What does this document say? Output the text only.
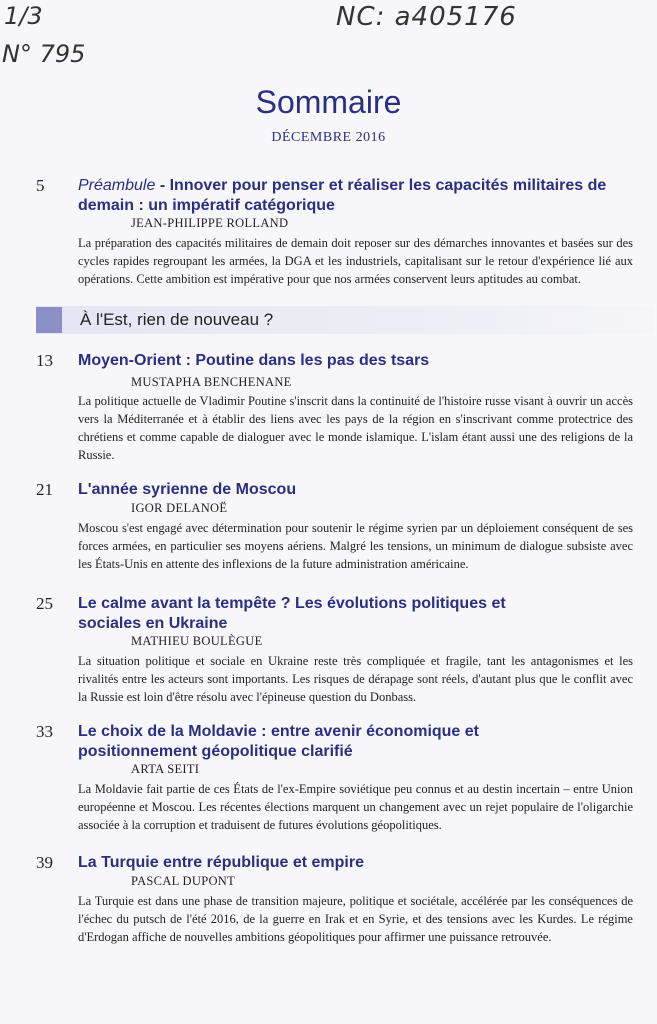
1/3
N° 795
NC: a405176
Sommaire
DÉCEMBRE 2016
5	Préambule - Innover pour penser et réaliser les capacités militaires de demain : un impératif catégorique
JEAN-PHILIPPE ROLLAND

La préparation des capacités militaires de demain doit reposer sur des démarches innovantes et basées sur des cycles rapides regroupant les armées, la DGA et les industriels, capitalisant sur le retour d'expérience lié aux opérations. Cette ambition est impérative pour que nos armées conservent leurs aptitudes au combat.

À l'Est, rien de nouveau ?
13	Moyen-Orient : Poutine dans les pas des tsars
MUSTAPHA BENCHENANE

La politique actuelle de Vladimir Poutine s'inscrit dans la continuité de l'histoire russe visant à ouvrir un accès vers la Méditerranée et à établir des liens avec les pays de la région en s'inscrivant comme protectrice des chrétiens et comme capable de dialoguer avec le monde islamique. L'islam étant aussi une des religions de la Russie.

21	L'année syrienne de Moscou
IGOR DELANOË

Moscou s'est engagé avec détermination pour soutenir le régime syrien par un déploiement conséquent de ses forces armées, en particulier ses moyens aériens. Malgré les tensions, un minimum de dialogue subsiste avec les États-Unis en attente des inflexions de la future administration américaine.

25	Le calme avant la tempête ? Les évolutions politiques et sociales en Ukraine
MATHIEU BOULÈGUE

La situation politique et sociale en Ukraine reste très compliquée et fragile, tant les antagonismes et les rivalités entre les acteurs sont importants. Les risques de dérapage sont réels, d'autant plus que le conflit avec la Russie est loin d'être résolu avec l'épineuse question du Donbass.

33	Le choix de la Moldavie : entre avenir économique et positionnement géopolitique clarifié
ARTA SEITI

La Moldavie fait partie de ces États de l'ex-Empire soviétique peu connus et au destin incertain – entre Union européenne et Moscou. Les récentes élections marquent un changement avec un rejet populaire de l'oligarchie associée à la corruption et traduisent de futures évolutions géopolitiques.

39	La Turquie entre république et empire
PASCAL DUPONT

La Turquie est dans une phase de transition majeure, politique et sociétale, accélérée par les conséquences de l'échec du putsch de l'été 2016, de la guerre en Irak et en Syrie, et des tensions avec les Kurdes. Le régime d'Erdogan affiche de nouvelles ambitions géopolitiques pour affirmer une puissance retrouvée.
